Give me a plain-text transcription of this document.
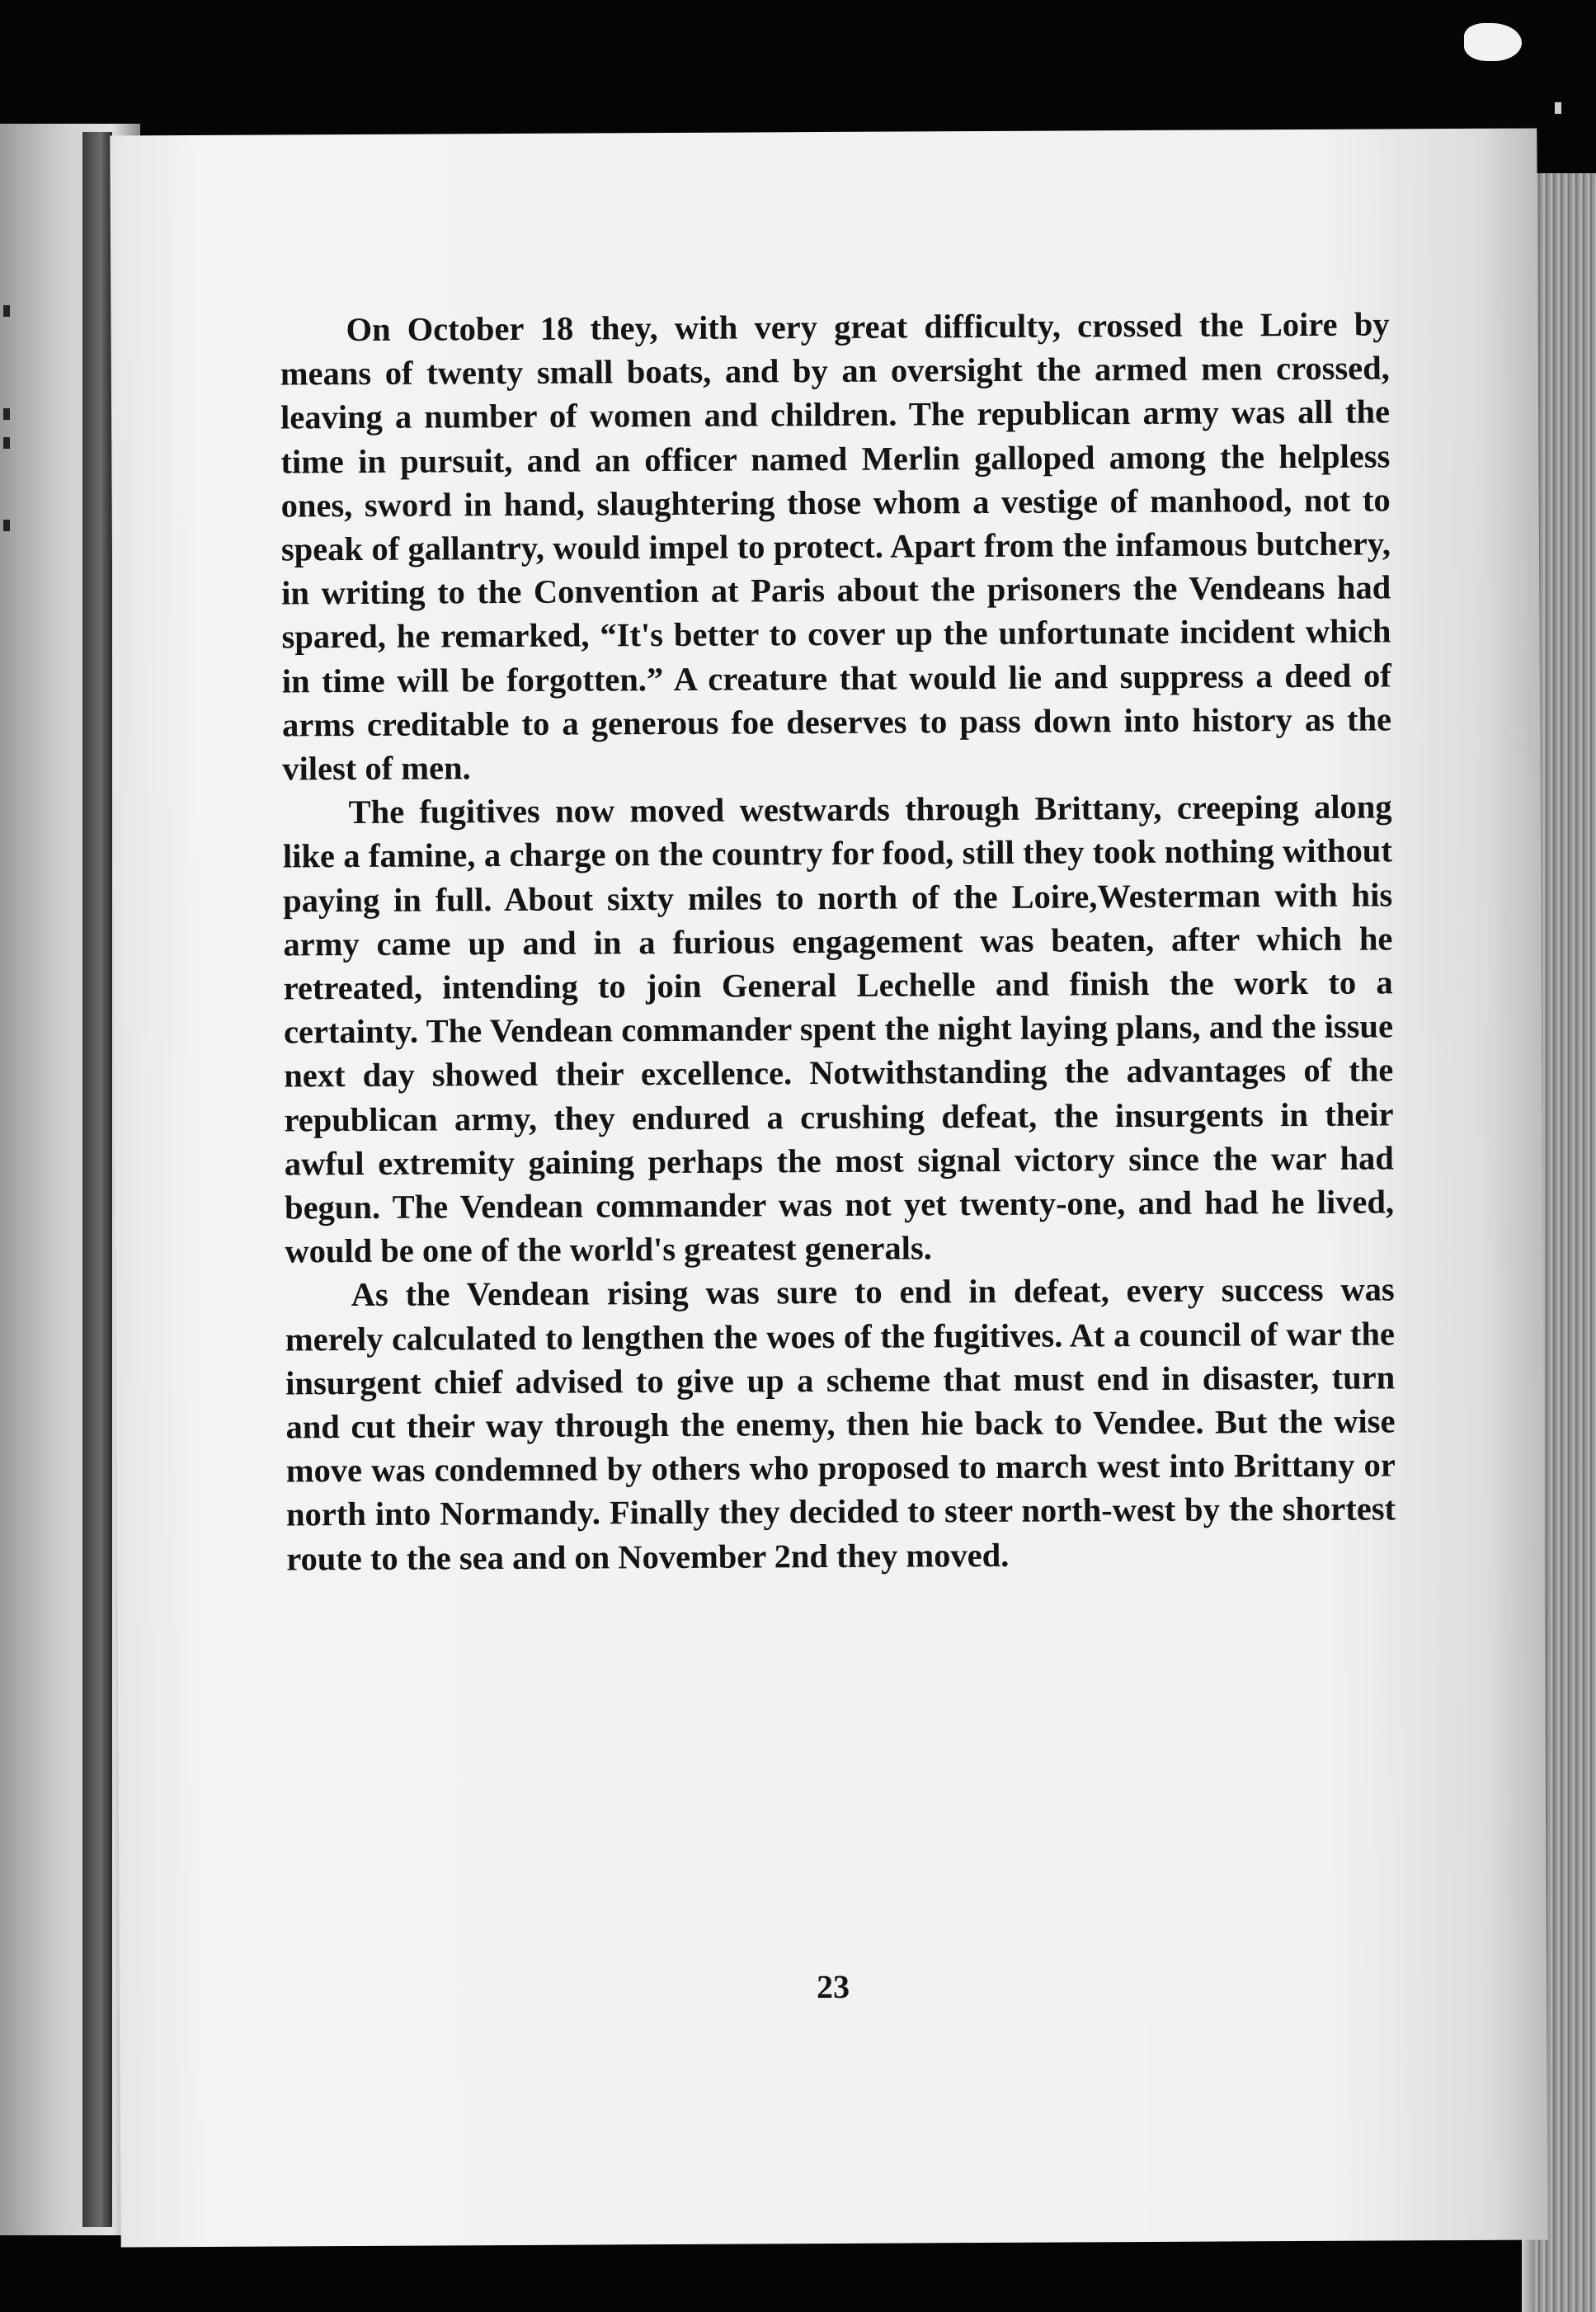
On October 18 they, with very great difficulty, crossed the Loire by means of twenty small boats, and by an oversight the armed men crossed, leaving a number of women and children. The republican army was all the time in pursuit, and an officer named Merlin galloped among the helpless ones, sword in hand, slaughtering those whom a vestige of manhood, not to speak of gallantry, would impel to protect. Apart from the infamous butchery, in writing to the Convention at Paris about the prisoners the Vendeans had spared, he remarked, “It's better to cover up the unfortunate incident which in time will be forgotten.” A creature that would lie and suppress a deed of arms creditable to a generous foe deserves to pass down into history as the vilest of men.

The fugitives now moved westwards through Brittany, creeping along like a famine, a charge on the country for food, still they took nothing without paying in full. About sixty miles to north of the Loire,Westerman with his army came up and in a furious engagement was beaten, after which he retreated, intending to join General Lechelle and finish the work to a certainty. The Vendean commander spent the night laying plans, and the issue next day showed their excellence. Notwithstanding the advantages of the republican army, they endured a crushing defeat, the insurgents in their awful extremity gaining perhaps the most signal victory since the war had begun. The Vendean commander was not yet twenty-one, and had he lived, would be one of the world's greatest generals.

As the Vendean rising was sure to end in defeat, every success was merely calculated to lengthen the woes of the fugitives. At a council of war the insurgent chief advised to give up a scheme that must end in disaster, turn and cut their way through the enemy, then hie back to Vendee. But the wise move was condemned by others who proposed to march west into Brittany or north into Normandy. Finally they decided to steer north-west by the shortest route to the sea and on November 2nd they moved.

23
